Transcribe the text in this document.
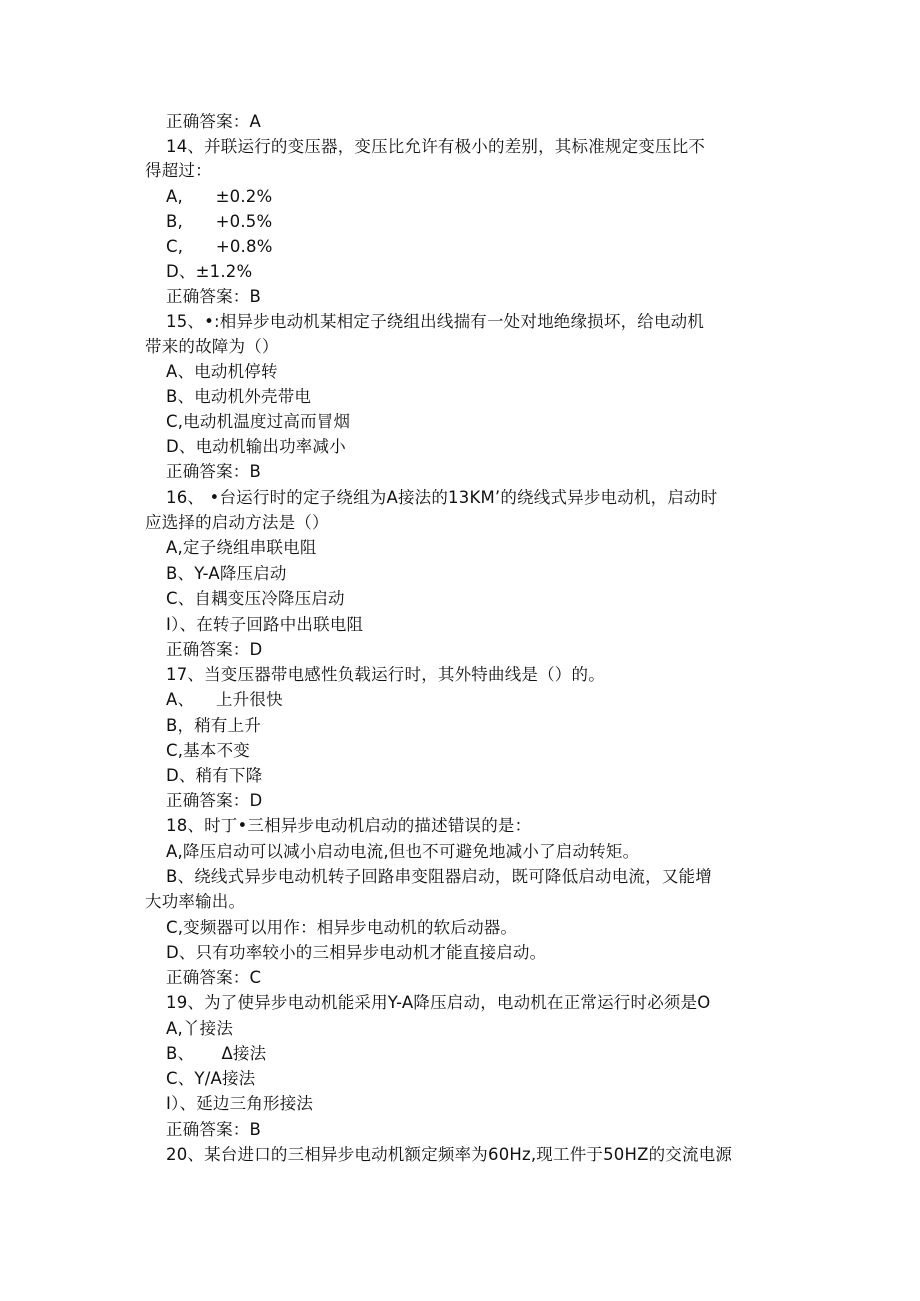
正确答案：A
14、并联运行的变压器，变压比允许有极小的差别，其标准规定变压比不
得超过：
A,      ±0.2%
B,      +0.5%
C,      +0.8%
D、±1.2%
正确答案：B
15、•:相异步电动机某相定子绕组出线揣有一处对地绝缘损坏，给电动机
带来的故障为（）
A、电动机停转
B、电动机外壳带电
C,电动机温度过高而冒烟
D、电动机输出功率减小
正确答案：B
16、 •台运行时的定子绕组为A接法的13KM’的绕线式异步电动机，启动时
应选择的启动方法是（）
A,定子绕组串联电阻
B、Y-A降压启动
C、自耦变压冷降压启动
I）、在转子回路中出联电阻
正确答案：D
17、当变压器带电感性负载运行时，其外特曲线是（）的。
A、    上升很快
B，稍有上升
C,基本不变
D、稍有下降
正确答案：D
18、时丁•三相异步电动机启动的描述错误的是：
A,降压启动可以减小启动电流,但也不可避免地减小了启动转矩。
B、绕线式异步电动机转子回路串变阻器启动，既可降低启动电流，又能增
大功率输出。
C,变频器可以用作：相异步电动机的软后动器。
D、只有功率较小的三相异步电动机才能直接启动。
正确答案：C
19、为了使异步电动机能采用Y-A降压启动，电动机在正常运行时必须是O
A,丫接法
B、     Δ接法
C、Y/A接法
I）、延边三角形接法
正确答案：B
20、某台进口的三相异步电动机额定频率为60Hz,现工件于50HZ的交流电源
